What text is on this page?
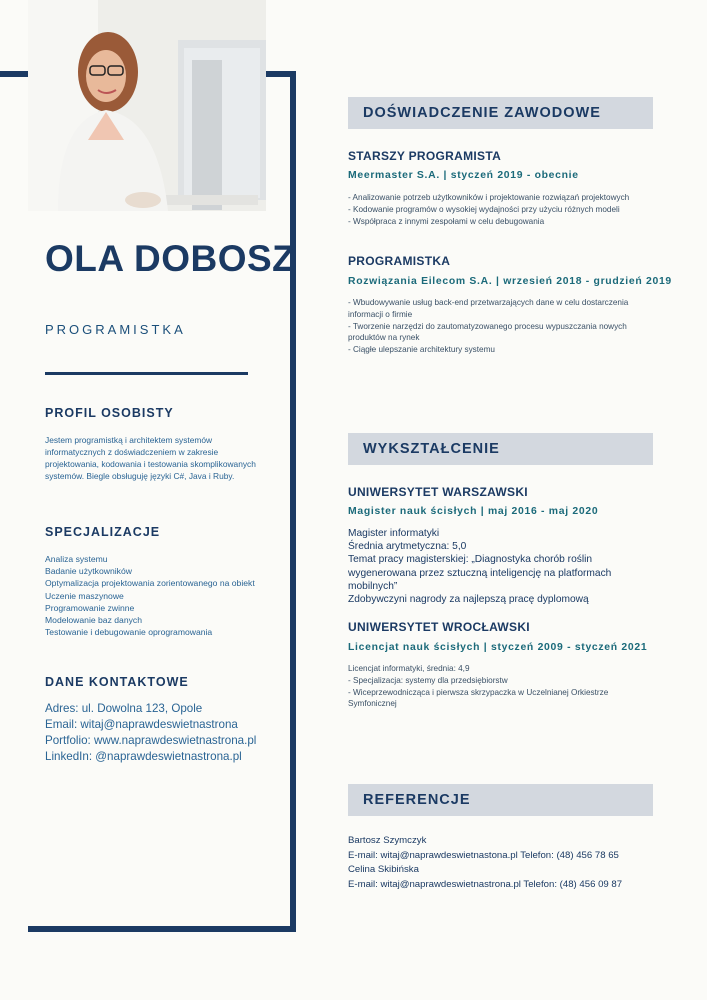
OLA DOBOSZ
PROGRAMISTKA
PROFIL OSOBISTY
Jestem programistką i architektem systemów informatycznych z doświadczeniem w zakresie projektowania, kodowania i testowania skomplikowanych systemów. Biegle obsługuję języki C#, Java i Ruby.
SPECJALIZACJE
Analiza systemu
Badanie użytkowników
Optymalizacja projektowania zorientowanego na obiekt
Uczenie maszynowe
Programowanie zwinne
Modelowanie baz danych
Testowanie i debugowanie oprogramowania
DANE KONTAKTOWE
Adres: ul. Dowolna 123, Opole
Email: witaj@naprawdeswietnastrona
Portfolio: www.naprawdeswietnastrona.pl
LinkedIn: @naprawdeswietnastrona.pl
DOŚWIADCZENIE ZAWODOWE
STARSZY PROGRAMISTA
Meermaster S.A. | styczeń 2019 - obecnie
- Analizowanie potrzeb użytkowników i projektowanie rozwiązań projektowych
- Kodowanie programów o wysokiej wydajności przy użyciu różnych modeli
- Współpraca z innymi zespołami w celu debugowania
PROGRAMISTKA
Rozwiązania Eilecom S.A. | wrzesień 2018 - grudzień 2019
- Wbudowywanie usług back-end przetwarzających dane w celu dostarczenia informacji o firmie
- Tworzenie narzędzi do zautomatyzowanego procesu wypuszczania nowych produktów na rynek
- Ciągłe ulepszanie architektury systemu
WYKSZTAŁCENIE
UNIWERSYTET WARSZAWSKI
Magister nauk ścisłych | maj 2016 - maj 2020
Magister informatyki
Średnia arytmetyczna: 5,0
Temat pracy magisterskiej: „Diagnostyka chorób roślin wygenerowana przez sztuczną inteligencję na platformach mobilnych”
Zdobywczyni nagrody za najlepszą pracę dyplomową
UNIWERSYTET WROCŁAWSKI
Licencjat nauk ścisłych | styczeń 2009 - styczeń 2021
Licencjat informatyki, średnia: 4,9
- Specjalizacja: systemy dla przedsiębiorstw
- Wiceprzewodnicząca i pierwsza skrzypaczka w Uczelnianej Orkiestrze Symfonicznej
REFERENCJE
Bartosz Szymczyk
E-mail: witaj@naprawdeswietnastona.pl Telefon: (48) 456 78 65
Celina Skibińska
E-mail: witaj@naprawdeswietnastrona.pl Telefon: (48) 456 09 87
